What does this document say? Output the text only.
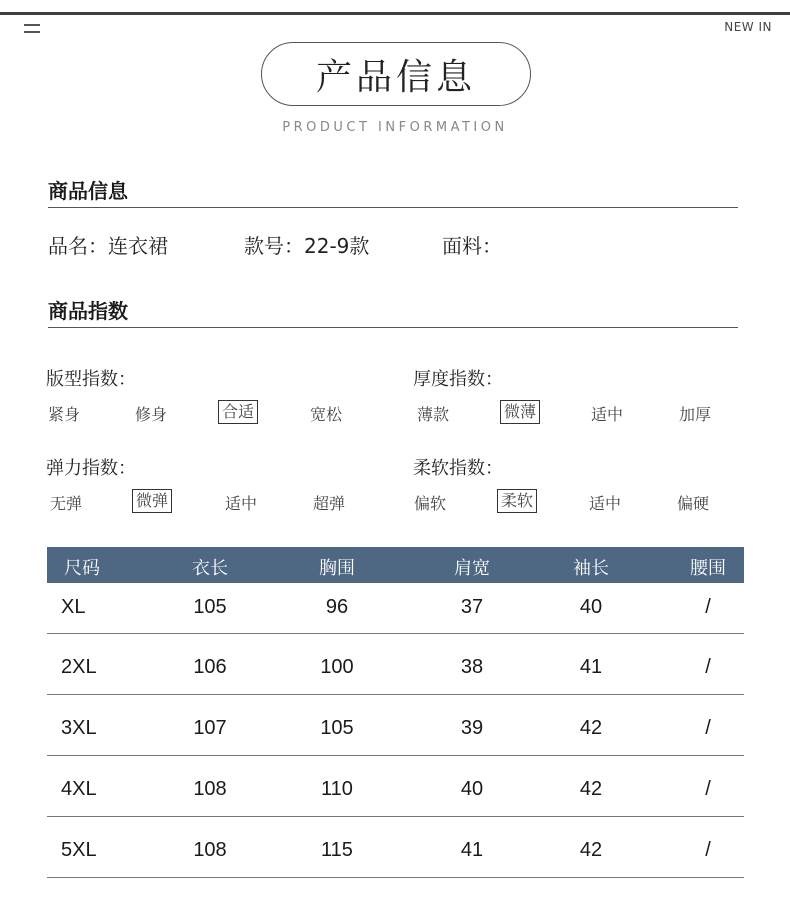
NEW IN
产品信息
PRODUCT INFORMATION
商品信息
品名：连衣裙	款号：22-9款	面料：
商品指数
版型指数：
紧身	修身	合适	宽松
厚度指数：
薄款	微薄	适中	加厚
弹力指数：
无弹	微弹	适中	超弹
柔软指数：
偏软	柔软	适中	偏硬
尺码	衣长	胸围	肩宽	袖长	腰围
XL	105	96	37	40	/
2XL	106	100	38	41	/
3XL	107	105	39	42	/
4XL	108	110	40	42	/
5XL	108	115	41	42	/
